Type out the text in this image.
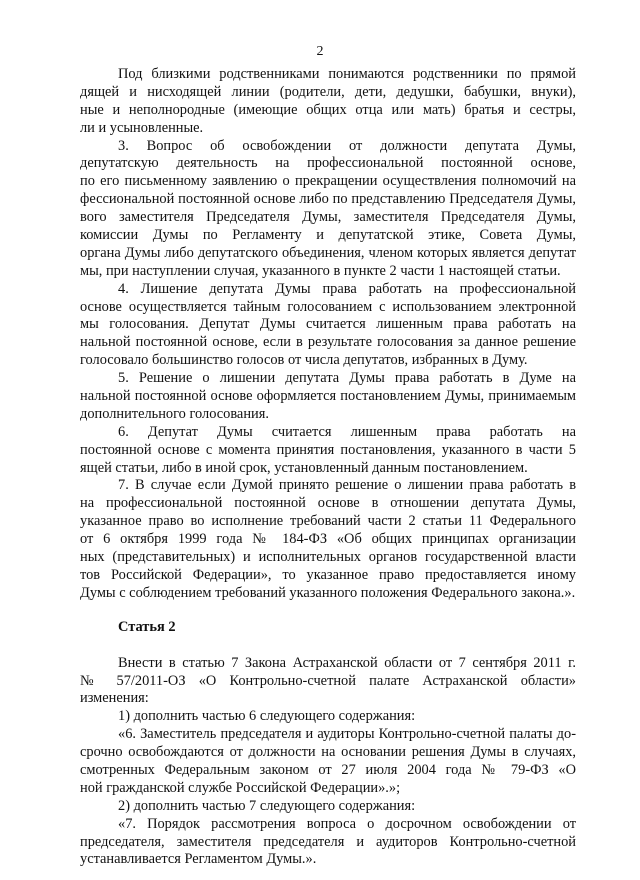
2
Под близкими родственниками понимаются родственники по прямой
дящей и нисходящей линии (родители, дети, дедушки, бабушки, внуки),
ные и неполнородные (имеющие общих отца или мать) братья и сестры,
ли и усыновленные.
3. Вопрос об освобождении от должности депутата Думы,
депутатскую деятельность на профессиональной постоянной основе,
по его письменному заявлению о прекращении осуществления полномочий на
фессиональной постоянной основе либо по представлению Председателя Думы,
вого заместителя Председателя Думы, заместителя Председателя Думы,
комиссии Думы по Регламенту и депутатской этике, Совета Думы,
органа Думы либо депутатского объединения, членом которых является депутат
мы, при наступлении случая, указанного в пункте 2 части 1 настоящей статьи.
4. Лишение депутата Думы права работать на профессиональной
основе осуществляется тайным голосованием с использованием электронной
мы голосования. Депутат Думы считается лишенным права работать на
нальной постоянной основе, если в результате голосования за данное решение
голосовало большинство голосов от числа депутатов, избранных в Думу.
5. Решение о лишении депутата Думы права работать в Думе на
нальной постоянной основе оформляется постановлением Думы, принимаемым
дополнительного голосования.
6. Депутат Думы считается лишенным права работать на
постоянной основе с момента принятия постановления, указанного в части 5
ящей статьи, либо в иной срок, установленный данным постановлением.
7. В случае если Думой принято решение о лишении права работать в
на профессиональной постоянной основе в отношении депутата Думы,
указанное право во исполнение требований части 2 статьи 11 Федерального
от 6 октября 1999 года № 184-ФЗ «Об общих принципах организации
ных (представительных) и исполнительных органов государственной власти
тов Российской Федерации», то указанное право предоставляется иному
Думы с соблюдением требований указанного положения Федерального закона.».
Статья 2
Внести в статью 7 Закона Астраханской области от 7 сентября 2011 г.
№ 57/2011-ОЗ «О Контрольно-счетной палате Астраханской области»
изменения:
1) дополнить частью 6 следующего содержания:
«6. Заместитель председателя и аудиторы Контрольно-счетной палаты до-
срочно освобождаются от должности на основании решения Думы в случаях,
смотренных Федеральным законом от 27 июля 2004 года № 79-ФЗ «О
ной гражданской службе Российской Федерации».»;
2) дополнить частью 7 следующего содержания:
«7. Порядок рассмотрения вопроса о досрочном освобождении от
председателя, заместителя председателя и аудиторов Контрольно-счетной
устанавливается Регламентом Думы.».
